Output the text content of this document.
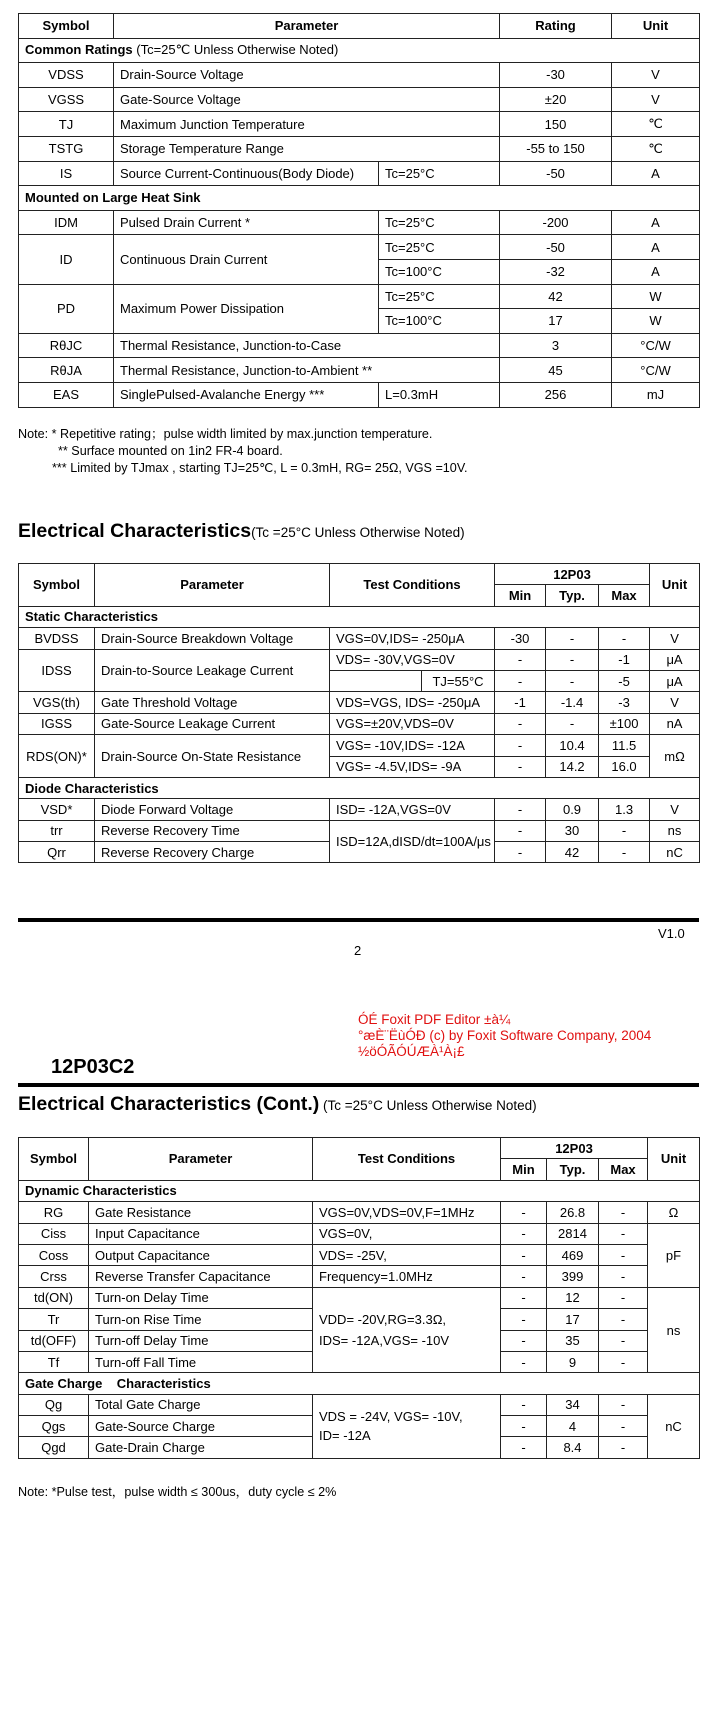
Symbol	Parameter		Rating	Unit
Common Ratings (Tc=25℃ Unless Otherwise Noted)				
VDSS	Drain-Source Voltage		-30	V
VGSS	Gate-Source Voltage		±20	V
TJ	Maximum Junction Temperature		150	℃
TSTG	Storage Temperature Range		-55 to 150	℃
IS	Source Current-Continuous(Body Diode)	Tc=25°C	-50	A
Mounted on Large Heat Sink				
IDM	Pulsed Drain Current *	Tc=25°C	-200	A
ID	Continuous Drain Current	Tc=25°C	-50	A
		Tc=100°C	-32	A
PD	Maximum Power Dissipation	Tc=25°C	42	W
		Tc=100°C	17	W
RθJC	Thermal Resistance, Junction-to-Case		3	°C/W
RθJA	Thermal Resistance, Junction-to-Ambient **		45	°C/W
EAS	SinglePulsed-Avalanche Energy ***	L=0.3mH	256	mJ
Note: * Repetitive rating；pulse width limited by max.junction temperature.
** Surface mounted on 1in2 FR-4 board.
*** Limited by TJmax , starting TJ=25℃, L = 0.3mH, RG= 25Ω, VGS =10V.
Electrical Characteristics(Tc =25°C Unless Otherwise Noted)
Symbol	Parameter	Test Conditions		12P03			Unit
				Min	Typ.	Max	
Static Characteristics							
BVDSS	Drain-Source Breakdown Voltage	VGS=0V,IDS= -250μA		-30	-	-	V
IDSS	Drain-to-Source Leakage Current	VDS= -30V,VGS=0V		-	-	-1	μA
			TJ=55°C	-	-	-5	μA
VGS(th)	Gate Threshold Voltage	VDS=VGS, IDS= -250μA		-1	-1.4	-3	V
IGSS	Gate-Source Leakage Current	VGS=±20V,VDS=0V		-	-	±100	nA
RDS(ON)*	Drain-Source On-State Resistance	VGS= -10V,IDS= -12A		-	10.4	11.5	mΩ
		VGS= -4.5V,IDS= -9A		-	14.2	16.0	
Diode Characteristics							
VSD*	Diode Forward Voltage	ISD= -12A,VGS=0V		-	0.9	1.3	V
trr	Reverse Recovery Time	ISD=12A,dISD/dt=100A/μs		-	30	-	ns
Qrr	Reverse Recovery Charge			-	42	-	nC
V1.0
2
ÓÉ Foxit PDF Editor ±à¼
°æÈ¨ËùÓÐ (c) by Foxit Software Company, 2004
½öÓÃÓÚÆÀ¹À¡£
12P03C2
Electrical Characteristics (Cont.) (Tc =25°C Unless Otherwise Noted)
Symbol	Parameter	Test Conditions	12P03			Unit
			Min	Typ.	Max	
Dynamic Characteristics						
RG	Gate Resistance	VGS=0V,VDS=0V,F=1MHz	-	26.8	-	Ω
Ciss	Input Capacitance	VGS=0V,	-	2814	-	pF
Coss	Output Capacitance	VDS= -25V,	-	469	-	
Crss	Reverse Transfer Capacitance	Frequency=1.0MHz	-	399	-	
td(ON)	Turn-on Delay Time	VDD= -20V,RG=3.3Ω,
IDS= -12A,VGS= -10V	-	12	-	ns
Tr	Turn-on Rise Time		-	17	-	
td(OFF)	Turn-off Delay Time		-	35	-	
Tf	Turn-off Fall Time		-	9	-	
Gate Charge    Characteristics						
Qg	Total Gate Charge	VDS = -24V, VGS= -10V,
ID= -12A	-	34	-	nC
Qgs	Gate-Source Charge		-	4	-	
Qgd	Gate-Drain Charge		-	8.4	-	
Note: *Pulse test，pulse width ≤ 300us，duty cycle ≤ 2%
